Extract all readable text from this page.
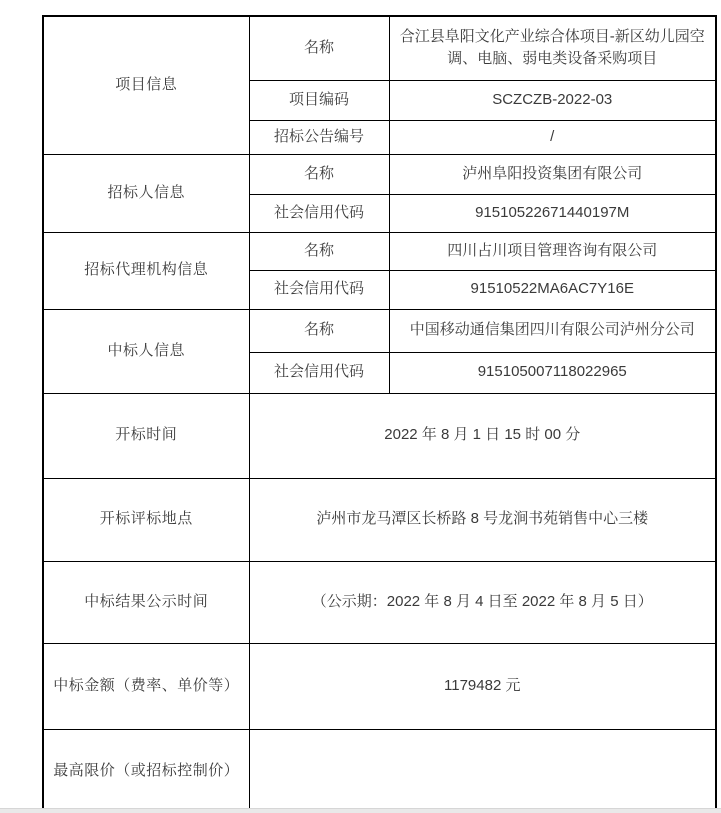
项目信息	名称	合江县阜阳文化产业综合体项目-新区幼儿园空调、电脑、弱电类设备采购项目
	项目编码	SCZCZB-2022-03
	招标公告编号	/
招标人信息	名称	泸州阜阳投资集团有限公司
	社会信用代码	91510522671440197M
招标代理机构信息	名称	四川占川项目管理咨询有限公司
	社会信用代码	91510522MA6AC7Y16E
中标人信息	名称	中国移动通信集团四川有限公司泸州分公司
	社会信用代码	915105007118022965
开标时间	2022 年 8 月 1 日 15 时 00 分	
开标评标地点	泸州市龙马潭区长桥路 8 号龙涧书苑销售中心三楼	
中标结果公示时间	（公示期：2022 年 8 月 4 日至 2022 年 8 月 5 日）	
中标金额（费率、单价等）	1179482 元	
最高限价（或招标控制价）		
